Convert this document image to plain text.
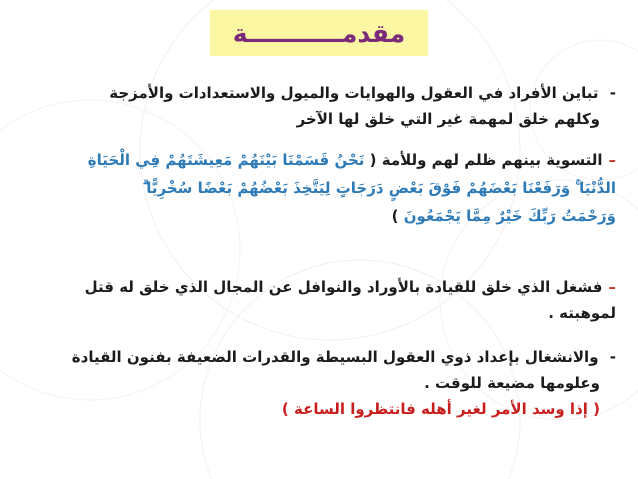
مقدمـــــــــــة
- تباين الأفراد في العقول والهوايات والميول والاستعدادات والأمزجة
وكلهم خلق لمهمة غير التي خلق لها الآخر
–التسوية بينهم ظلم لهم وللأمة ( نَحْنُ قَسَمْنَا بَيْنَهُمْ مَعِيشَتَهُمْ فِي الْحَيَاةِ
الدُّنْيَا ۚ وَرَفَعْنَا بَعْضَهُمْ فَوْقَ بَعْضٍ دَرَجَاتٍ لِيَتَّخِذَ بَعْضُهُمْ بَعْضًا سُخْرِيًّا ۗ
وَرَحْمَتُ رَبِّكَ خَيْرٌ مِمَّا يَجْمَعُونَ )
–فشغل الذي خلق للقيادة بالأوراد والنوافل عن المجال الذي خلق له قتل
لموهبته .
- والانشغال بإعداد ذوي العقول البسيطة والقدرات الضعيفة بفنون القيادة
وعلومها مضيعة للوقت .
( إذا وسد الأمر لغير أهله فانتظروا الساعة )
